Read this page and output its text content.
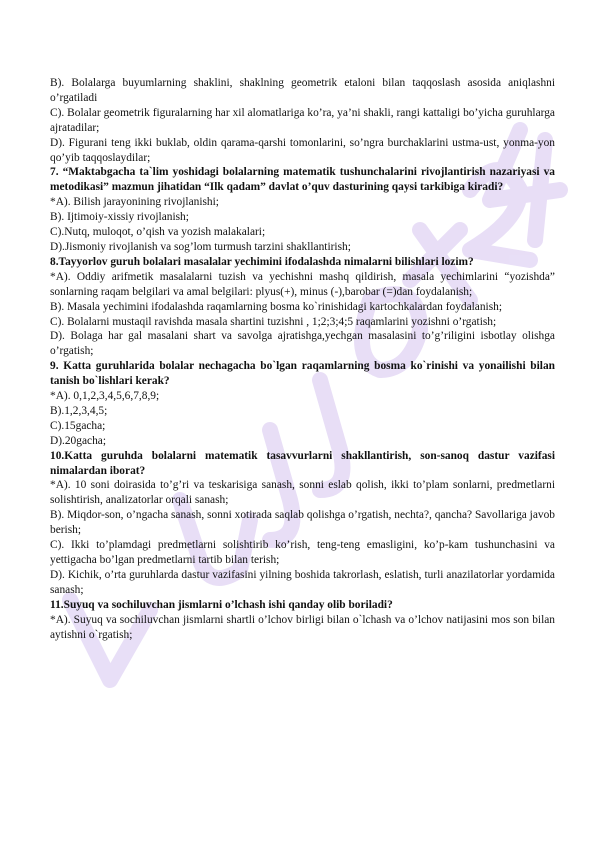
B). Bolalarga buyumlarning shaklini, shaklning geometrik etaloni bilan taqqoslash asosida aniqlashni o’rgatiladi

C). Bolalar geometrik figuralarning har xil alomatlariga ko’ra, ya’ni shakli, rangi kattaligi bo’yicha guruhlarga ajratadilar;

D). Figurani teng ikki buklab, oldin qarama-qarshi tomonlarini, so’ngra burchaklarini ustma-ust, yonma-yon qo’yib taqqoslaydilar;

7. “Maktabgacha ta`lim yoshidagi bolalarning matematik tushunchalarini rivojlantirish nazariyasi va metodikasi” mazmun jihatidan “Ilk qadam” davlat o’quv dasturining qaysi tarkibiga kiradi?

*A). Bilish jarayonining rivojlanishi;

B). Ijtimoiy-xissiy rivojlanish;

C).Nutq, muloqot, o’qish va yozish malakalari;

D).Jismoniy rivojlanish va sog’lom turmush tarzini shakllantirish;

8.Tayyorlov guruh bolalari masalalar yechimini ifodalashda nimalarni bilishlari lozim?

*A). Oddiy arifmetik masalalarni tuzish va yechishni mashq qildirish, masala yechimlarini “yozishda” sonlarning raqam belgilari va amal belgilari: plyus(+), minus (-),barobar (=)dan foydalanish;

B). Masala yechimini ifodalashda raqamlarning bosma ko`rinishidagi kartochkalardan foydalanish;

C). Bolalarni mustaqil ravishda masala shartini tuzishni , 1;2;3;4;5 raqamlarini yozishni o’rgatish;

D). Bolaga har gal masalani shart va savolga ajratishga,yechgan masalasini to’g’riligini isbotlay olishga o’rgatish;

9. Katta guruhlarida bolalar nechagacha bo`lgan raqamlarning bosma ko`rinishi va yonailishi bilan tanish bo`lishlari kerak?

*A). 0,1,2,3,4,5,6,7,8,9;

B).1,2,3,4,5;

C).15gacha;

D).20gacha;

10.Katta guruhda bolalarni matematik tasavvurlarni shakllantirish, son-sanoq dastur vazifasi nimalardan iborat?

*A). 10 soni doirasida to’g’ri va teskarisiga sanash, sonni eslab qolish, ikki to’plam sonlarni, predmetlarni solishtirish, analizatorlar orqali sanash;

B). Miqdor-son, o’ngacha sanash, sonni xotirada saqlab qolishga o’rgatish, nechta?, qancha? Savollariga javob berish;

C). Ikki to’plamdagi predmetlarni solishtirib ko’rish, teng-teng emasligini, ko’p-kam tushunchasini va yettigacha bo’lgan predmetlarni tartib bilan terish;

D). Kichik, o’rta guruhlarda dastur vazifasini yilning boshida takrorlash, eslatish, turli anazilatorlar yordamida sanash;

11.Suyuq va sochiluvchan jismlarni o’lchash ishi qanday olib boriladi?

*A). Suyuq va sochiluvchan jismlarni shartli o’lchov birligi bilan o`lchash va o’lchov natijasini mos son bilan aytishni o`rgatish;
